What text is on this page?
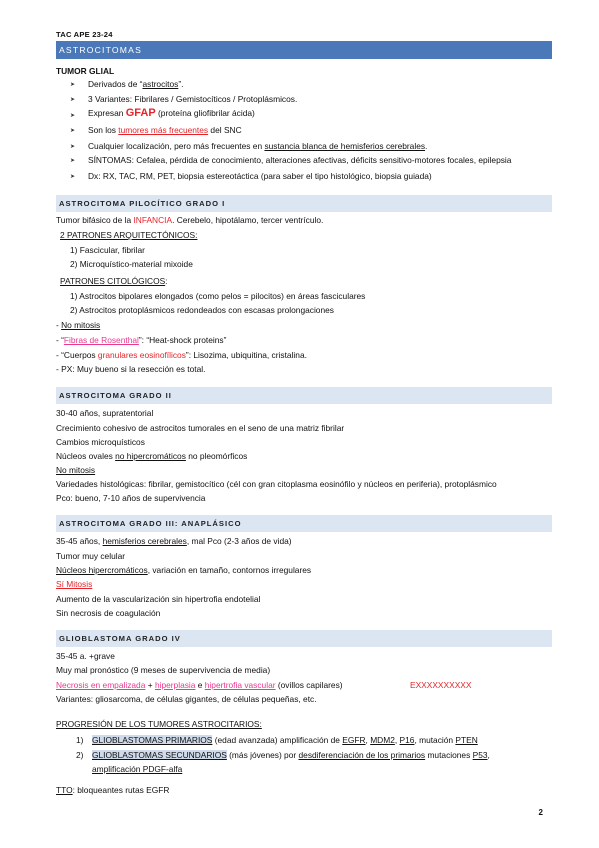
TAC APE 23-24
ASTROCITOMAS
TUMOR GLIAL
Derivados de “astrocitos”.
3 Variantes: Fibrilares / Gemistocíticos / Protoplásmicos.
Expresan GFAP (proteína gliofibrilar ácida)
Son los tumores más frecuentes del SNC
Cualquier localización, pero más frecuentes en sustancia blanca de hemisferios cerebrales.
SÍNTOMAS: Cefalea, pérdida de conocimiento, alteraciones afectivas, déficits sensitivo-motores focales, epilepsia
Dx: RX, TAC, RM, PET, biopsia estereotáctica (para saber el tipo histológico, biopsia guiada)
➤
➤
➤
➤
➤
➤
➤
ASTROCITOMA PILOCÍTICO GRADO I
Tumor bifásico de la INFANCIA. Cerebelo, hipotálamo, tercer ventrículo.
2 PATRONES ARQUITECTÓNICOS:
1) Fascicular, fibrilar
2) Microquístico-material mixoide
PATRONES CITOLÓGICOS:
1) Astrocitos bipolares elongados (como pelos = pilocitos) en áreas fasciculares
2) Astrocitos protoplásmicos redondeados con escasas prolongaciones
- No mitosis
- “Fibras de Rosenthal”: “Heat-shock proteins”
- “Cuerpos granulares eosinofílicos”: Lisozima, ubiquitina, cristalina.
- PX: Muy bueno si la resección es total.
ASTROCITOMA GRADO II
30-40 años, supratentorial
Crecimiento cohesivo de astrocitos tumorales en el seno de una matriz fibrilar
Cambios microquísticos
Núcleos ovales no hipercromáticos no pleomórficos
No mitosis
Variedades histológicas: fibrilar, gemistocítico (cél con gran citoplasma eosinófilo y núcleos en periferia), protoplásmico
Pco: bueno, 7-10 años de supervivencia
ASTROCITOMA GRADO III: ANAPLÁSICO
35-45 años, hemisferios cerebrales, mal Pco (2-3 años de vida)
Tumor muy celular
Núcleos hipercromáticos, variación en tamaño, contornos irregulares
Sí Mitosis
Aumento de la vascularización sin hipertrofia endotelial
Sin necrosis de coagulación
GLIOBLASTOMA GRADO IV
35-45 a. +grave
Muy mal pronóstico (9 meses de supervivencia de media)
Necrosis en empalizada + hiperplasia e hipertrofia vascular (ovillos capilares)	EXXXXXXXXXX
Variantes: gliosarcoma, de células gigantes, de células pequeñas, etc.
PROGRESIÓN DE LOS TUMORES ASTROCITARIOS:
1) GLIOBLASTOMAS PRIMARIOS (edad avanzada) amplificación de EGFR, MDM2, P16, mutación PTEN
2) GLIOBLASTOMAS SECUNDARIOS (más jóvenes) por desdiferenciación de los primarios mutaciones P53,
amplificación PDGF-alfa
TTO: bloqueantes rutas EGFR
2
